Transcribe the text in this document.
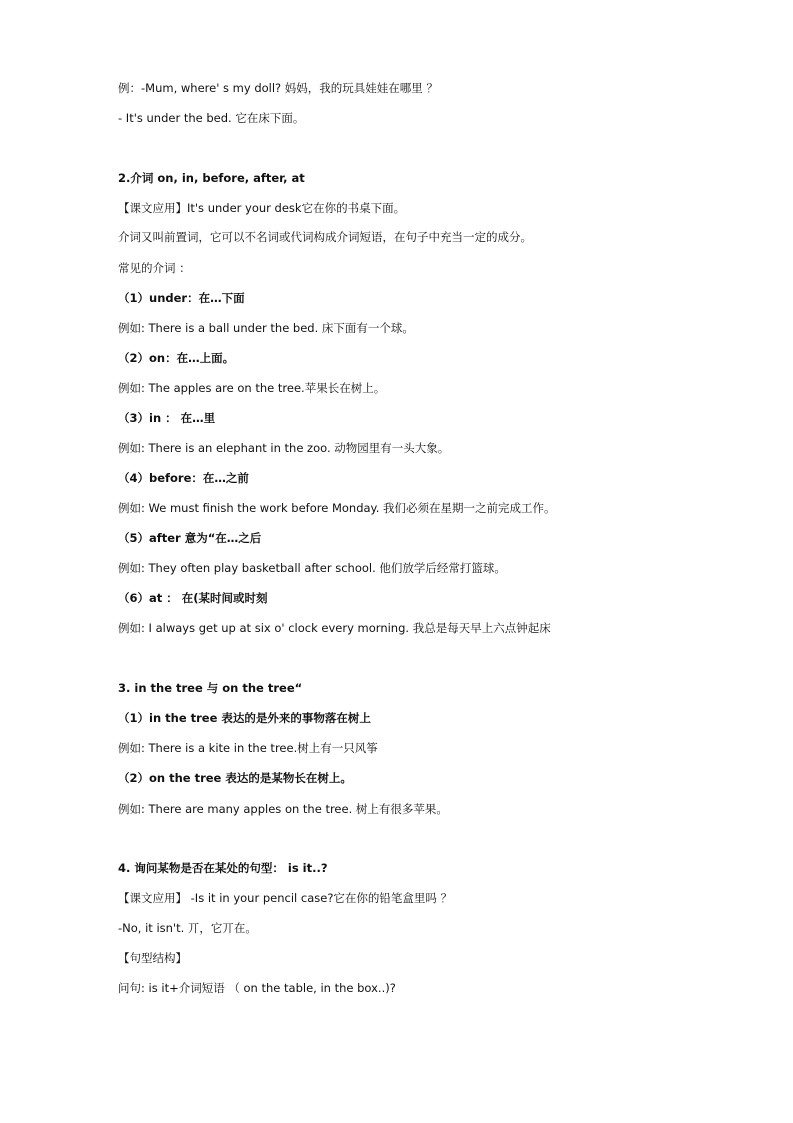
例：-Mum, where' s my doll? 妈妈，我的玩具娃娃在哪里 ？
- It's under the bed. 它在床下面。
2.介词 on, in, before, after, at
【课文应用】It's under your desk它在你的书桌下面。
介词又叫前置词，它可以不名词或代词构成介词短语，在句子中充当一定的成分。
常见的介词 ：
（1）under：在…下面
例如: There is a ball under the bed. 床下面有一个球。
（2）on：在…上面。
例如: The apples are on the tree.苹果长在树上。
（3）in ： 在…里
例如: There is an elephant in the zoo. 动物园里有一头大象。
（4）before：在…之前
例如: We must finish the work before Monday. 我们必须在星期一之前完成工作。
（5）after 意为“在…之后
例如: They often play basketball after school. 他们放学后经常打篮球。
（6）at ： 在(某时间或时刻
例如: I always get up at six o' clock every morning. 我总是每天早上六点钟起床
3. in the tree 与 on the tree“
（1）in the tree 表达的是外来的事物落在树上
例如: There is a kite in the tree.树上有一只风筝
（2）on the tree 表达的是某物长在树上。
例如: There are many apples on the tree. 树上有很多苹果。
4. 询问某物是否在某处的句型： is it..?
【课文应用】 -Is it in your pencil case?它在你的铅笔盒里吗 ？
-No, it isn't. 丌，它丌在。
【句型结构】
问句: is it+介词短语 （ on the table, in the box..)?
